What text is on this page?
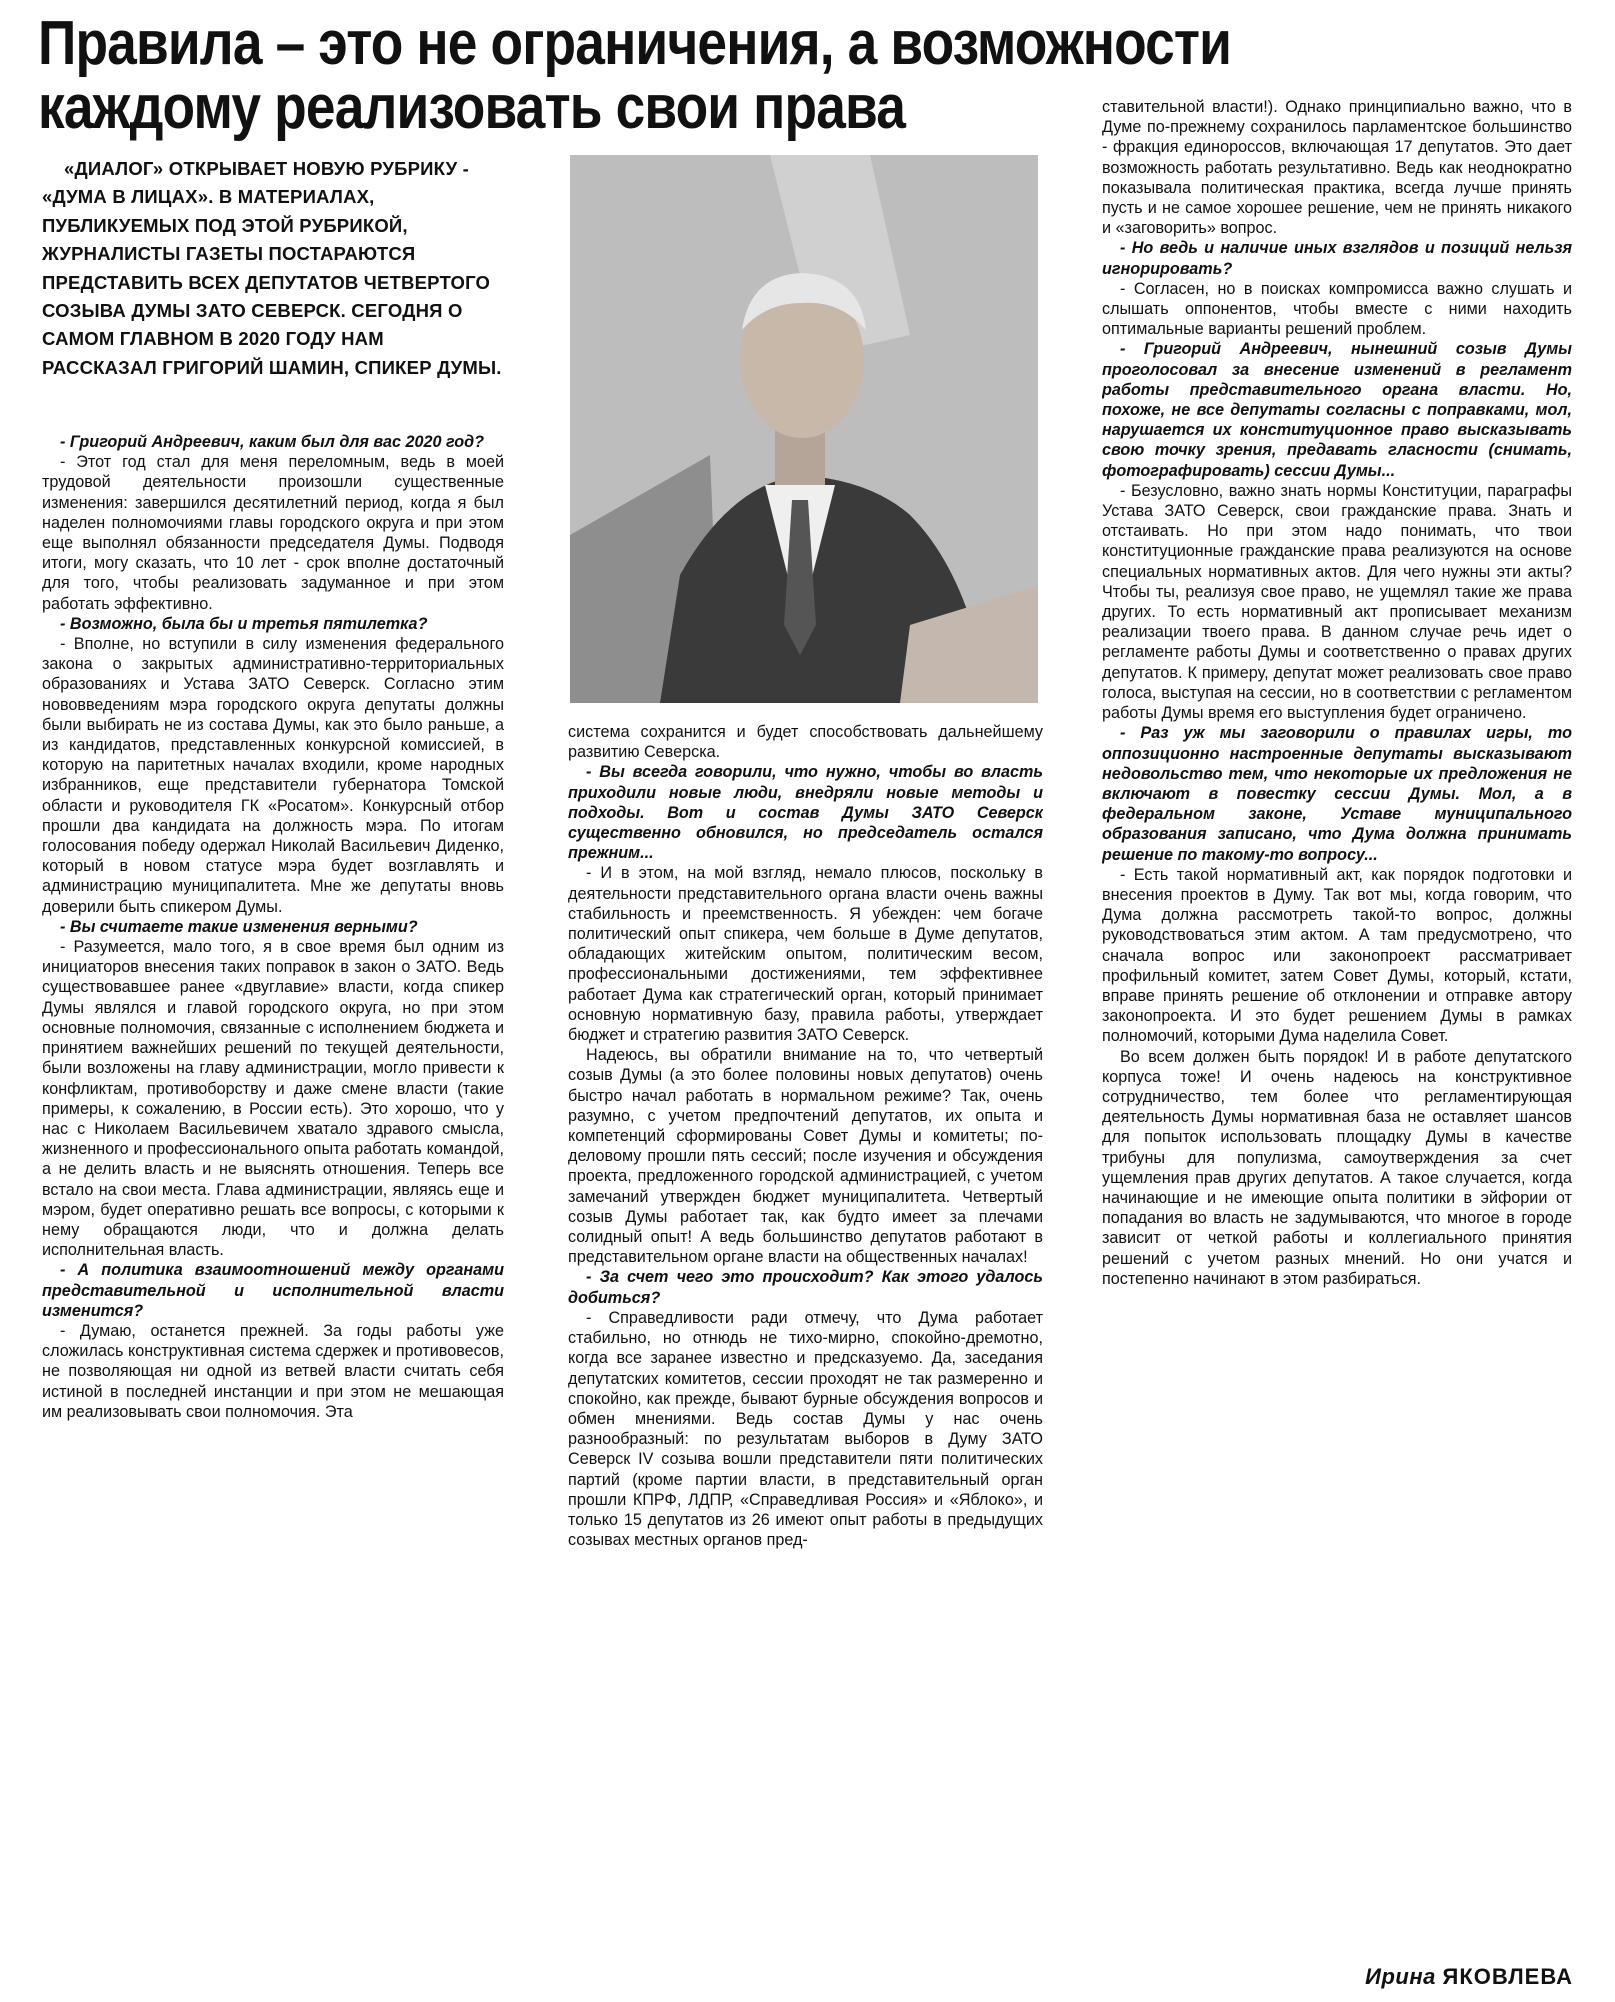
Правила – это не ограничения, а возможности
каждому реализовать свои права

«ДИАЛОГ» ОТКРЫВАЕТ НОВУЮ РУБРИКУ - «ДУМА В ЛИЦАХ». В МАТЕРИАЛАХ, ПУБЛИКУЕМЫХ ПОД ЭТОЙ РУБРИКОЙ, ЖУРНАЛИСТЫ ГАЗЕТЫ ПОСТАРАЮТСЯ ПРЕДСТАВИТЬ ВСЕХ ДЕПУТАТОВ ЧЕТВЕРТОГО СОЗЫВА ДУМЫ ЗАТО СЕВЕРСК. СЕГОДНЯ О САМОМ ГЛАВНОМ В 2020 ГОДУ НАМ РАССКАЗАЛ ГРИГОРИЙ ШАМИН, СПИКЕР ДУМЫ.

- Григорий Андреевич, каким был для вас 2020 год?

- Этот год стал для меня переломным, ведь в моей трудовой деятельности произошли существенные изменения: завершился десятилетний период, когда я был наделен полномочиями главы городского округа и при этом еще выполнял обязанности председателя Думы. Подводя итоги, могу сказать, что 10 лет - срок вполне достаточный для того, чтобы реализовать задуманное и при этом работать эффективно.

- Возможно, была бы и третья пятилетка?

- Вполне, но вступили в силу изменения федерального закона о закрытых административно-территориальных образованиях и Устава ЗАТО Северск. Согласно этим нововведениям мэра городского округа депутаты должны были выбирать не из состава Думы, как это было раньше, а из кандидатов, представленных конкурсной комиссией, в которую на паритетных началах входили, кроме народных избранников, еще представители губернатора Томской области и руководителя ГК «Росатом». Конкурсный отбор прошли два кандидата на должность мэра. По итогам голосования победу одержал Николай Васильевич Диденко, который в новом статусе мэра будет возглавлять и администрацию муниципалитета. Мне же депутаты вновь доверили быть спикером Думы.

- Вы считаете такие изменения верными?

- Разумеется, мало того, я в свое время был одним из инициаторов внесения таких поправок в закон о ЗАТО. Ведь существовавшее ранее «двуглавие» власти, когда спикер Думы являлся и главой городского округа, но при этом основные полномочия, связанные с исполнением бюджета и принятием важнейших решений по текущей деятельности, были возложены на главу администрации, могло привести к конфликтам, противоборству и даже смене власти (такие примеры, к сожалению, в России есть). Это хорошо, что у нас с Николаем Васильевичем хватало здравого смысла, жизненного и профессионального опыта работать командой, а не делить власть и не выяснять отношения. Теперь все встало на свои места. Глава администрации, являясь еще и мэром, будет оперативно решать все вопросы, с которыми к нему обращаются люди, что и должна делать исполнительная власть.

- А политика взаимоотношений между органами представительной и исполнительной власти изменится?

- Думаю, останется прежней. За годы работы уже сложилась конструктивная система сдержек и противовесов, не позволяющая ни одной из ветвей власти считать себя истиной в последней инстанции и при этом не мешающая им реализовывать свои полномочия. Эта

система сохранится и будет способствовать дальнейшему развитию Северска.

- Вы всегда говорили, что нужно, чтобы во власть приходили новые люди, внедряли новые методы и подходы. Вот и состав Думы ЗАТО Северск существенно обновился, но председатель остался прежним...

- И в этом, на мой взгляд, немало плюсов, поскольку в деятельности представительного органа власти очень важны стабильность и преемственность. Я убежден: чем богаче политический опыт спикера, чем больше в Думе депутатов, обладающих житейским опытом, политическим весом, профессиональными достижениями, тем эффективнее работает Дума как стратегический орган, который принимает основную нормативную базу, правила работы, утверждает бюджет и стратегию развития ЗАТО Северск.

Надеюсь, вы обратили внимание на то, что четвертый созыв Думы (а это более половины новых депутатов) очень быстро начал работать в нормальном режиме? Так, очень разумно, с учетом предпочтений депутатов, их опыта и компетенций сформированы Совет Думы и комитеты; по-деловому прошли пять сессий; после изучения и обсуждения проекта, предложенного городской администрацией, с учетом замечаний утвержден бюджет муниципалитета. Четвертый созыв Думы работает так, как будто имеет за плечами солидный опыт! А ведь большинство депутатов работают в представительном органе власти на общественных началах!

- За счет чего это происходит? Как этого удалось добиться?

- Справедливости ради отмечу, что Дума работает стабильно, но отнюдь не тихо-мирно, спокойно-дремотно, когда все заранее известно и предсказуемо. Да, заседания депутатских комитетов, сессии проходят не так размеренно и спокойно, как прежде, бывают бурные обсуждения вопросов и обмен мнениями. Ведь состав Думы у нас очень разнообразный: по результатам выборов в Думу ЗАТО Северск IV созыва вошли представители пяти политических партий (кроме партии власти, в представительный орган прошли КПРФ, ЛДПР, «Справедливая Россия» и «Яблоко», и только 15 депутатов из 26 имеют опыт работы в предыдущих созывах местных органов пред-

ставительной власти!). Однако принципиально важно, что в Думе по-прежнему сохранилось парламентское большинство - фракция единороссов, включающая 17 депутатов. Это дает возможность работать результативно. Ведь как неоднократно показывала политическая практика, всегда лучше принять пусть и не самое хорошее решение, чем не принять никакого и «заговорить» вопрос.

- Но ведь и наличие иных взглядов и позиций нельзя игнорировать?

- Согласен, но в поисках компромисса важно слушать и слышать оппонентов, чтобы вместе с ними находить оптимальные варианты решений проблем.

- Григорий Андреевич, нынешний созыв Думы проголосовал за внесение изменений в регламент работы представительного органа власти. Но, похоже, не все депутаты согласны с поправками, мол, нарушается их конституционное право высказывать свою точку зрения, предавать гласности (снимать, фотографировать) сессии Думы...

- Безусловно, важно знать нормы Конституции, параграфы Устава ЗАТО Северск, свои гражданские права. Знать и отстаивать. Но при этом надо понимать, что твои конституционные гражданские права реализуются на основе специальных нормативных актов. Для чего нужны эти акты? Чтобы ты, реализуя свое право, не ущемлял такие же права других. То есть нормативный акт прописывает механизм реализации твоего права. В данном случае речь идет о регламенте работы Думы и соответственно о правах других депутатов. К примеру, депутат может реализовать свое право голоса, выступая на сессии, но в соответствии с регламентом работы Думы время его выступления будет ограничено.

- Раз уж мы заговорили о правилах игры, то оппозиционно настроенные депутаты высказывают недовольство тем, что некоторые их предложения не включают в повестку сессии Думы. Мол, а в федеральном законе, Уставе муниципального образования записано, что Дума должна принимать решение по такому-то вопросу...

- Есть такой нормативный акт, как порядок подготовки и внесения проектов в Думу. Так вот мы, когда говорим, что Дума должна рассмотреть такой-то вопрос, должны руководствоваться этим актом. А там предусмотрено, что сначала вопрос или законопроект рассматривает профильный комитет, затем Совет Думы, который, кстати, вправе принять решение об отклонении и отправке автору законопроекта. И это будет решением Думы в рамках полномочий, которыми Дума наделила Совет.

Во всем должен быть порядок! И в работе депутатского корпуса тоже! И очень надеюсь на конструктивное сотрудничество, тем более что регламентирующая деятельность Думы нормативная база не оставляет шансов для попыток использовать площадку Думы в качестве трибуны для популизма, самоутверждения за счет ущемления прав других депутатов. А такое случается, когда начинающие и не имеющие опыта политики в эйфории от попадания во власть не задумываются, что многое в городе зависит от четкой работы и коллегиального принятия решений с учетом разных мнений. Но они учатся и постепенно начинают в этом разбираться.

Ирина ЯКОВЛЕВА
